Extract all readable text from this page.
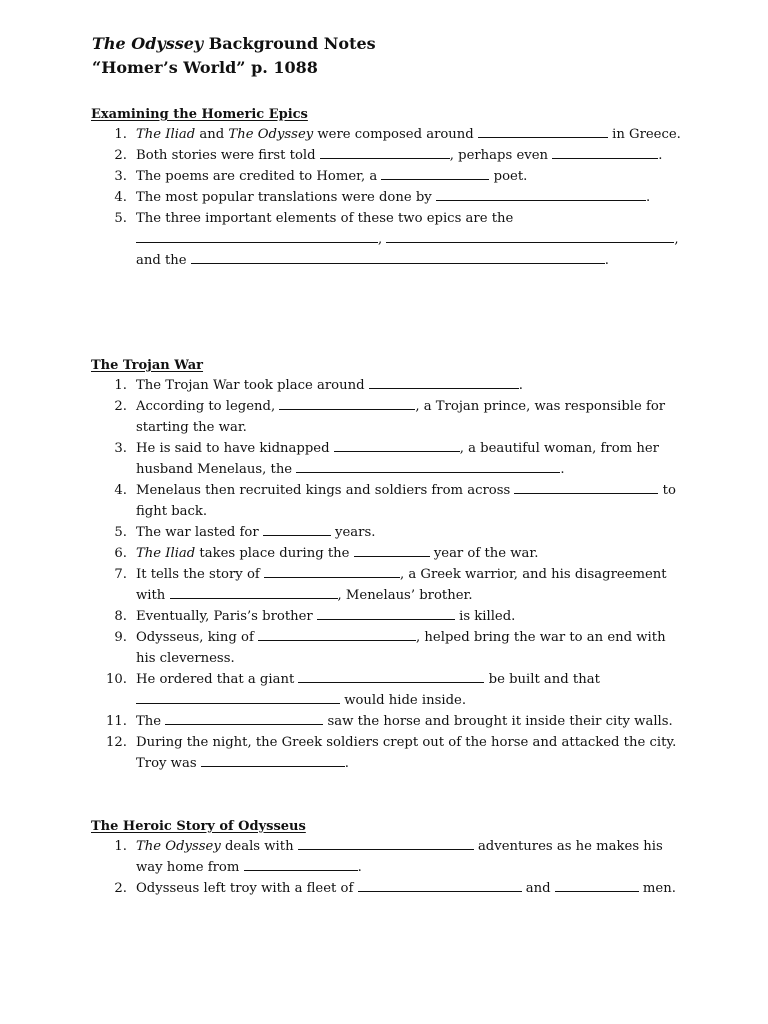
The Odyssey Background Notes
“Homer’s World” p. 1088
Examining the Homeric Epics
1. The Iliad and The Odyssey were composed around	in Greece.
2. Both stories were first told	, perhaps even	.
3. The poems are credited to Homer, a	poet.
4. The most popular translations were done by	.
5. The three important elements of these two epics are the ,	, and the	.
The Trojan War
1. The Trojan War took place around	.
2. According to legend,	, a Trojan prince, was responsible for starting the war.
3. He is said to have kidnapped	, a beautiful woman, from her husband Menelaus, the	.
4. Menelaus then recruited kings and soldiers from across	to fight back.
5. The war lasted for	years.
6. The Iliad takes place during the	year of the war.
7. It tells the story of	, a Greek warrior, and his disagreement with	, Menelaus’ brother.
8. Eventually, Paris’s brother	is killed.
9. Odysseus, king of	, helped bring the war to an end with his cleverness.
10. He ordered that a giant	be built and that  would hide inside.
11. The	saw the horse and brought it inside their city walls.
12. During the night, the Greek soldiers crept out of the horse and attacked the city. Troy was	.
The Heroic Story of Odysseus
1. The Odyssey deals with	adventures as he makes his way home from	.
2. Odysseus left troy with a fleet of	and	men.
